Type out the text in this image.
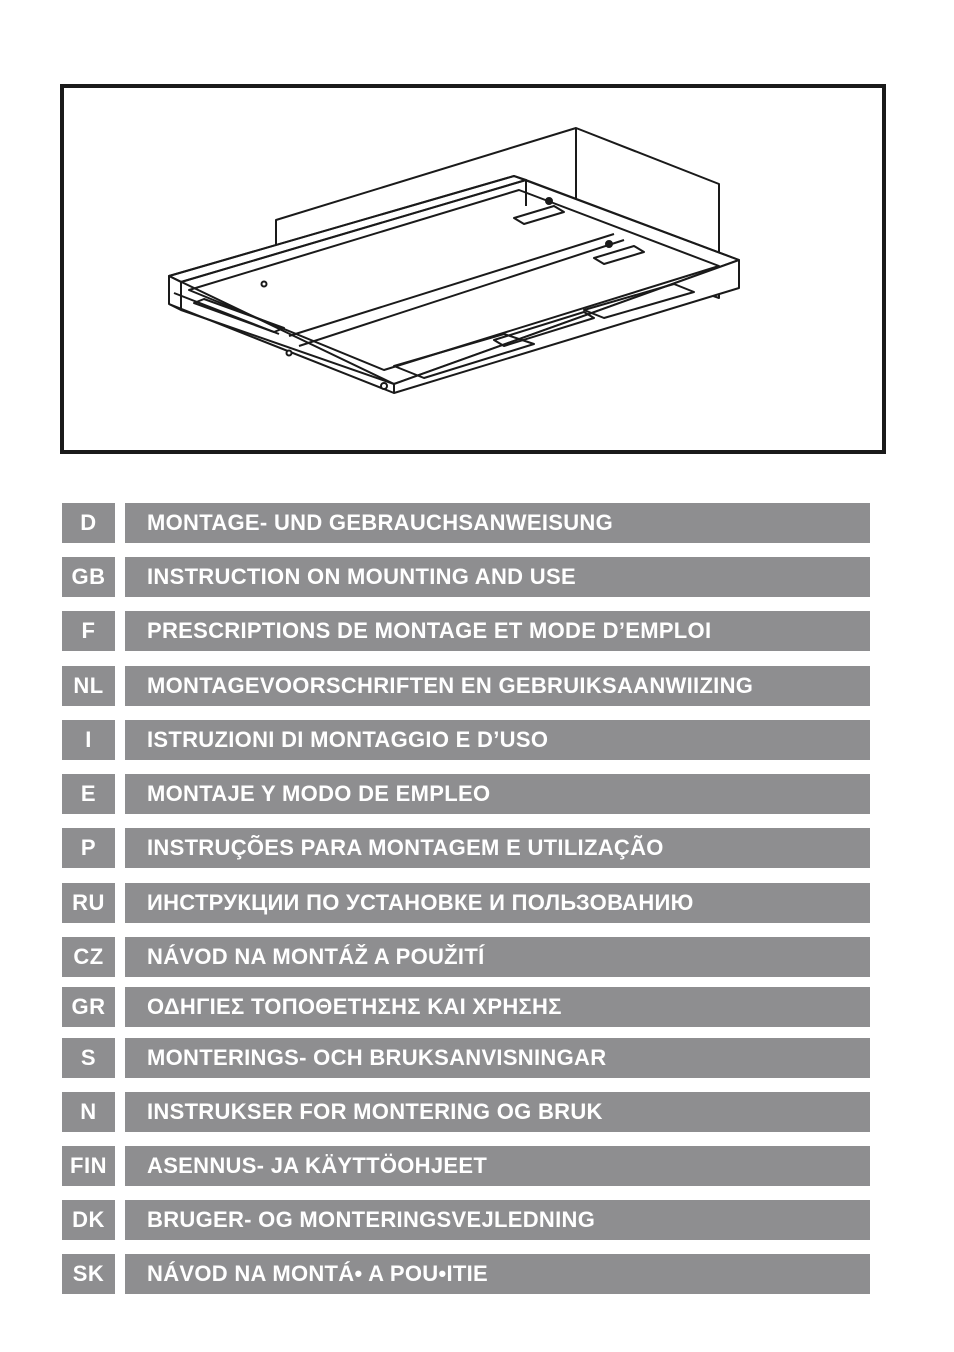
D	MONTAGE- UND GEBRAUCHSANWEISUNG
GB	INSTRUCTION ON MOUNTING AND USE
F	PRESCRIPTIONS DE MONTAGE ET MODE D’EMPLOI
NL	MONTAGEVOORSCHRIFTEN EN GEBRUIKSAANWIIZING
I	ISTRUZIONI DI MONTAGGIO E D’USO
E	MONTAJE Y MODO DE EMPLEO
P	INSTRUÇÕES PARA MONTAGEM E UTILIZAÇÃO
RU	ИНСТРУКЦИИ ПО УСТАНОВКЕ И ПОЛЬЗОВАНИЮ
CZ	NÁVOD NA MONTÁŽ A POUŽITÍ
GR	ΟΔΗΓΙΕΣ ΤΟΠΟΘΕΤΗΣΗΣ ΚΑΙ ΧΡΗΣΗΣ
S	MONTERINGS- OCH BRUKSANVISNINGAR
N	INSTRUKSER FOR MONTERING OG BRUK
FIN	ASENNUS- JA KÄYTTÖOHJEET
DK	BRUGER- OG MONTERINGSVEJLEDNING
SK	NÁVOD NA MONTÁ• A POU•ITIE
